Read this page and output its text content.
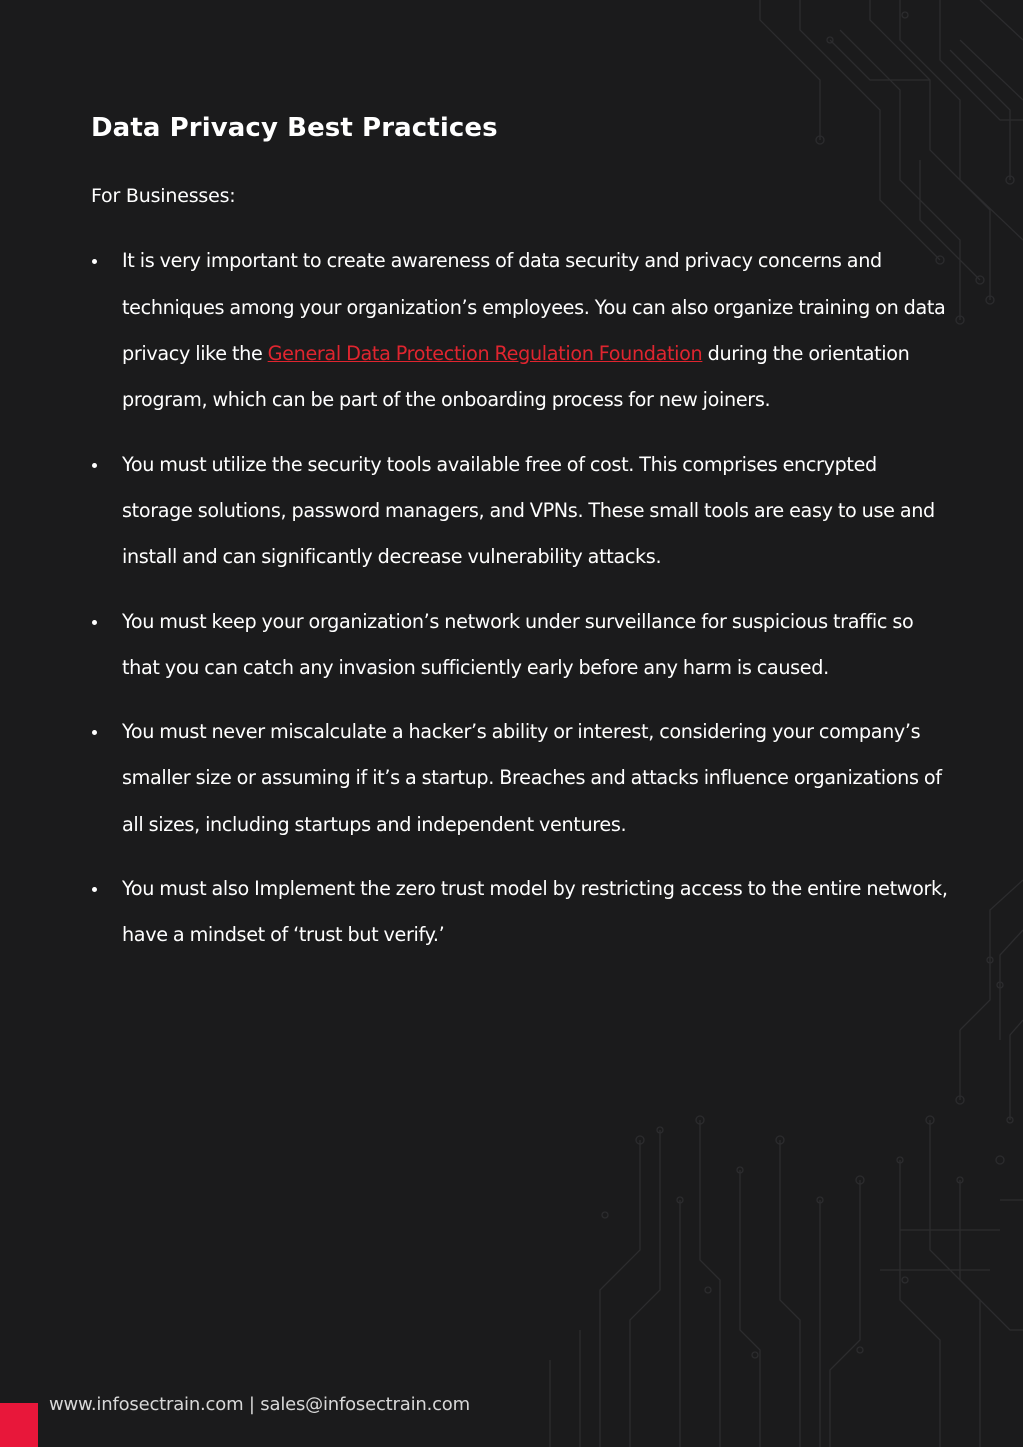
Data Privacy Best Practices
For Businesses:
It is very important to create awareness of data security and privacy concerns and techniques among your organization’s employees. You can also organize training on data privacy like the General Data Protection Regulation Foundation during the orientation program, which can be part of the onboarding process for new joiners.
You must utilize the security tools available free of cost. This comprises encrypted storage solutions, password managers, and VPNs. These small tools are easy to use and install and can significantly decrease vulnerability attacks.
You must keep your organization’s network under surveillance for suspicious traffic so that you can catch any invasion sufficiently early before any harm is caused.
You must never miscalculate a hacker’s ability or interest, considering your company’s smaller size or assuming if it’s a startup. Breaches and attacks influence organizations of all sizes, including startups and independent ventures.
You must also Implement the zero trust model by restricting access to the entire network, have a mindset of ‘trust but verify.’
www.infosectrain.com | sales@infosectrain.com
